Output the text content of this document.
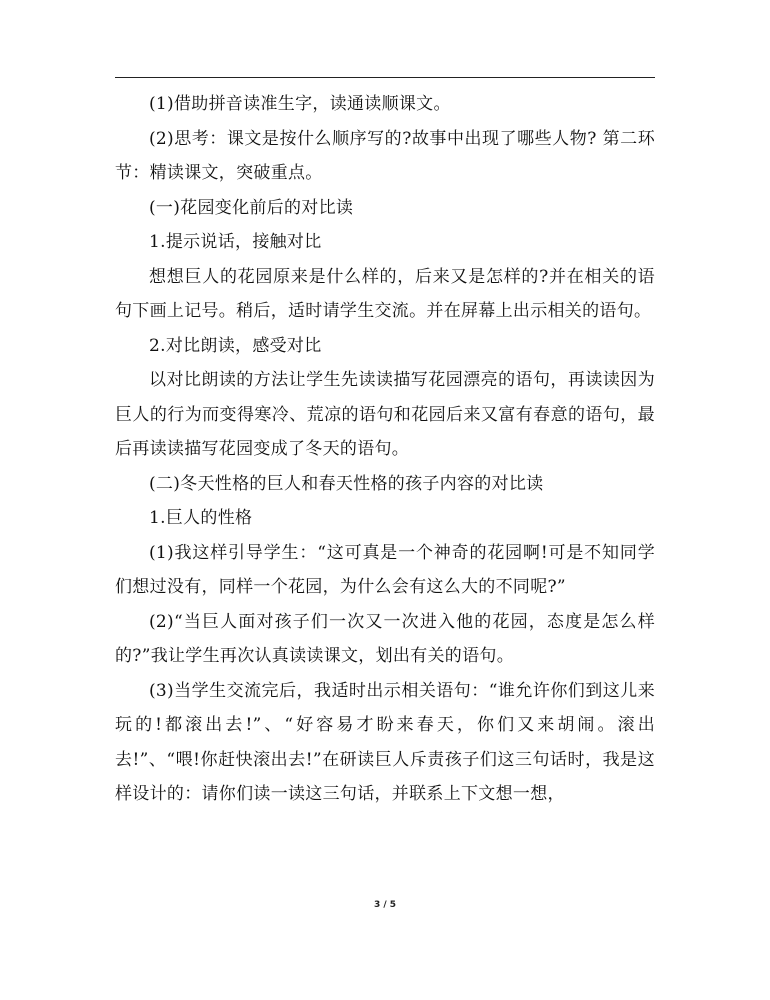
(1)借助拼音读准生字，读通读顺课文。

(2)思考：课文是按什么顺序写的?故事中出现了哪些人物? 第二环节：精读课文，突破重点。

(一)花园变化前后的对比读

1.提示说话，接触对比

想想巨人的花园原来是什么样的，后来又是怎样的?并在相关的语句下画上记号。稍后，适时请学生交流。并在屏幕上出示相关的语句。

2.对比朗读，感受对比

以对比朗读的方法让学生先读读描写花园漂亮的语句，再读读因为巨人的行为而变得寒冷、荒凉的语句和花园后来又富有春意的语句，最后再读读描写花园变成了冬天的语句。

(二)冬天性格的巨人和春天性格的孩子内容的对比读

1.巨人的性格

(1)我这样引导学生：“这可真是一个神奇的花园啊!可是不知同学们想过没有，同样一个花园，为什么会有这么大的不同呢?”

(2)“当巨人面对孩子们一次又一次进入他的花园，态度是怎么样的?”我让学生再次认真读读课文，划出有关的语句。

(3)当学生交流完后，我适时出示相关语句：“谁允许你们到这儿来玩的!都滚出去!”、“好容易才盼来春天，你们又来胡闹。滚出去!”、“喂!你赶快滚出去!”在研读巨人斥责孩子们这三句话时，我是这样设计的：请你们读一读这三句话，并联系上下文想一想，

3 / 5
